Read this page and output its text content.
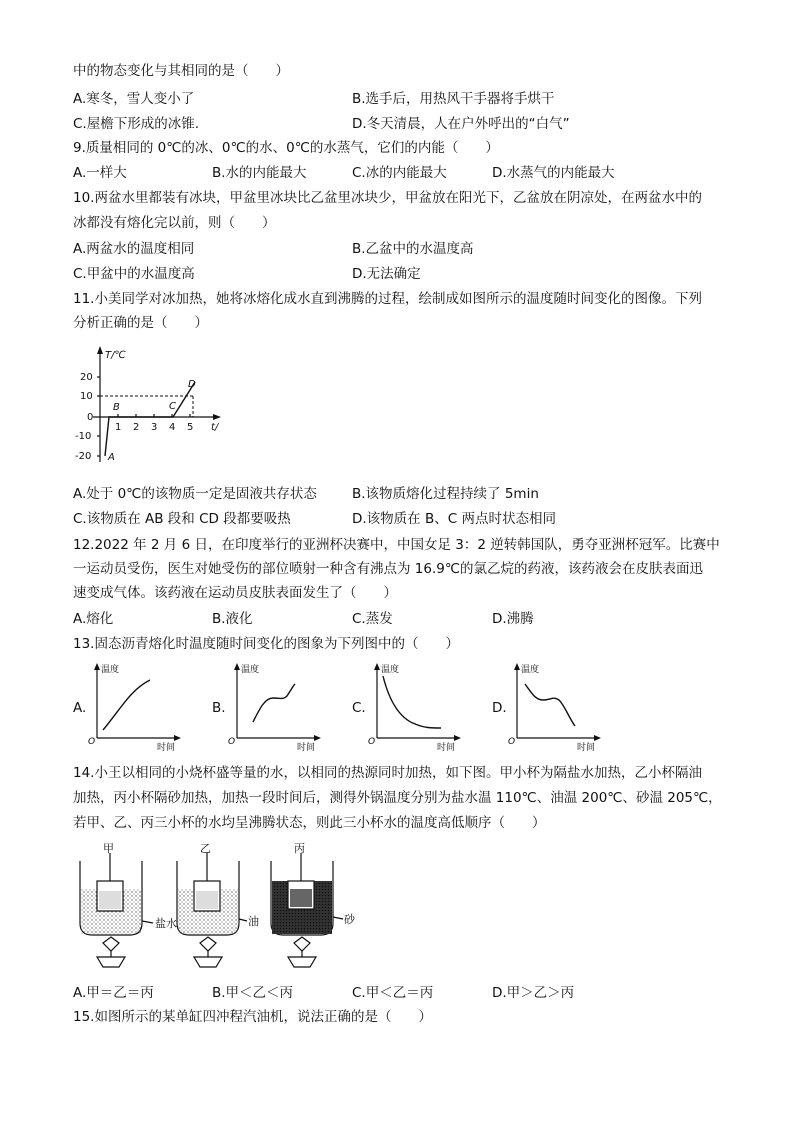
中的物态变化与其相同的是（　　）
A.寒冬，雪人变小了	B.选手后，用热风干手器将手烘干
C.屋檐下形成的冰锥.	D.冬天清晨，人在户外呼出的“白气”
9.质量相同的 0℃的冰、0℃的水、0℃的水蒸气，它们的内能（　　）
A.一样大	B.水的内能最大	C.冰的内能最大	D.水蒸气的内能最大
10.两盆水里都装有冰块，甲盆里冰块比乙盆里冰块少，甲盆放在阳光下，乙盆放在阴凉处，在两盆水中的
冰都没有熔化完以前，则（　　）
A.两盆水的温度相同	B.乙盆中的水温度高
C.甲盆中的水温度高	D.无法确定
11.小美同学对冰加热，她将冰熔化成水直到沸腾的过程，绘制成如图所示的温度随时间变化的图像。下列
分析正确的是（　　）
T/℃
20
10
0
-10
-20
1 2 3 4 5 t/
A
B	C
D
A.处于 0℃的该物质一定是固液共存状态	B.该物质熔化过程持续了 5min
C.该物质在 AB 段和 CD 段都要吸热	D.该物质在 B、C 两点时状态相同
12.2022 年 2 月 6 日，在印度举行的亚洲杯决赛中，中国女足 3：2 逆转韩国队，勇夺亚洲杯冠军。比赛中
一运动员受伤，医生对她受伤的部位喷射一种含有沸点为 16.9℃的氯乙烷的药液，该药液会在皮肤表面迅
速变成气体。该药液在运动员皮肤表面发生了（　　）
A.熔化	B.液化	C.蒸发	D.沸腾
13.固态沥青熔化时温度随时间变化的图象为下列图中的（　　）
A.	B.	C.	D.
温度
O
时间
温度
O
时间
温度
O
时间
温度
O
时间
14.小王以相同的小烧杯盛等量的水，以相同的热源同时加热，如下图。甲小杯为隔盐水加热，乙小杯隔油
加热，丙小杯隔砂加热，加热一段时间后，测得外锅温度分别为盐水温 110℃、油温 200℃、砂温 205℃，
若甲、乙、丙三小杯的水均呈沸腾状态，则此三小杯水的温度高低顺序（　　）
甲
盐水
乙
油
丙
砂
A.甲＝乙＝丙	B.甲＜乙＜丙	C.甲＜乙＝丙	D.甲＞乙＞丙
15.如图所示的某单缸四冲程汽油机，说法正确的是（　　）
